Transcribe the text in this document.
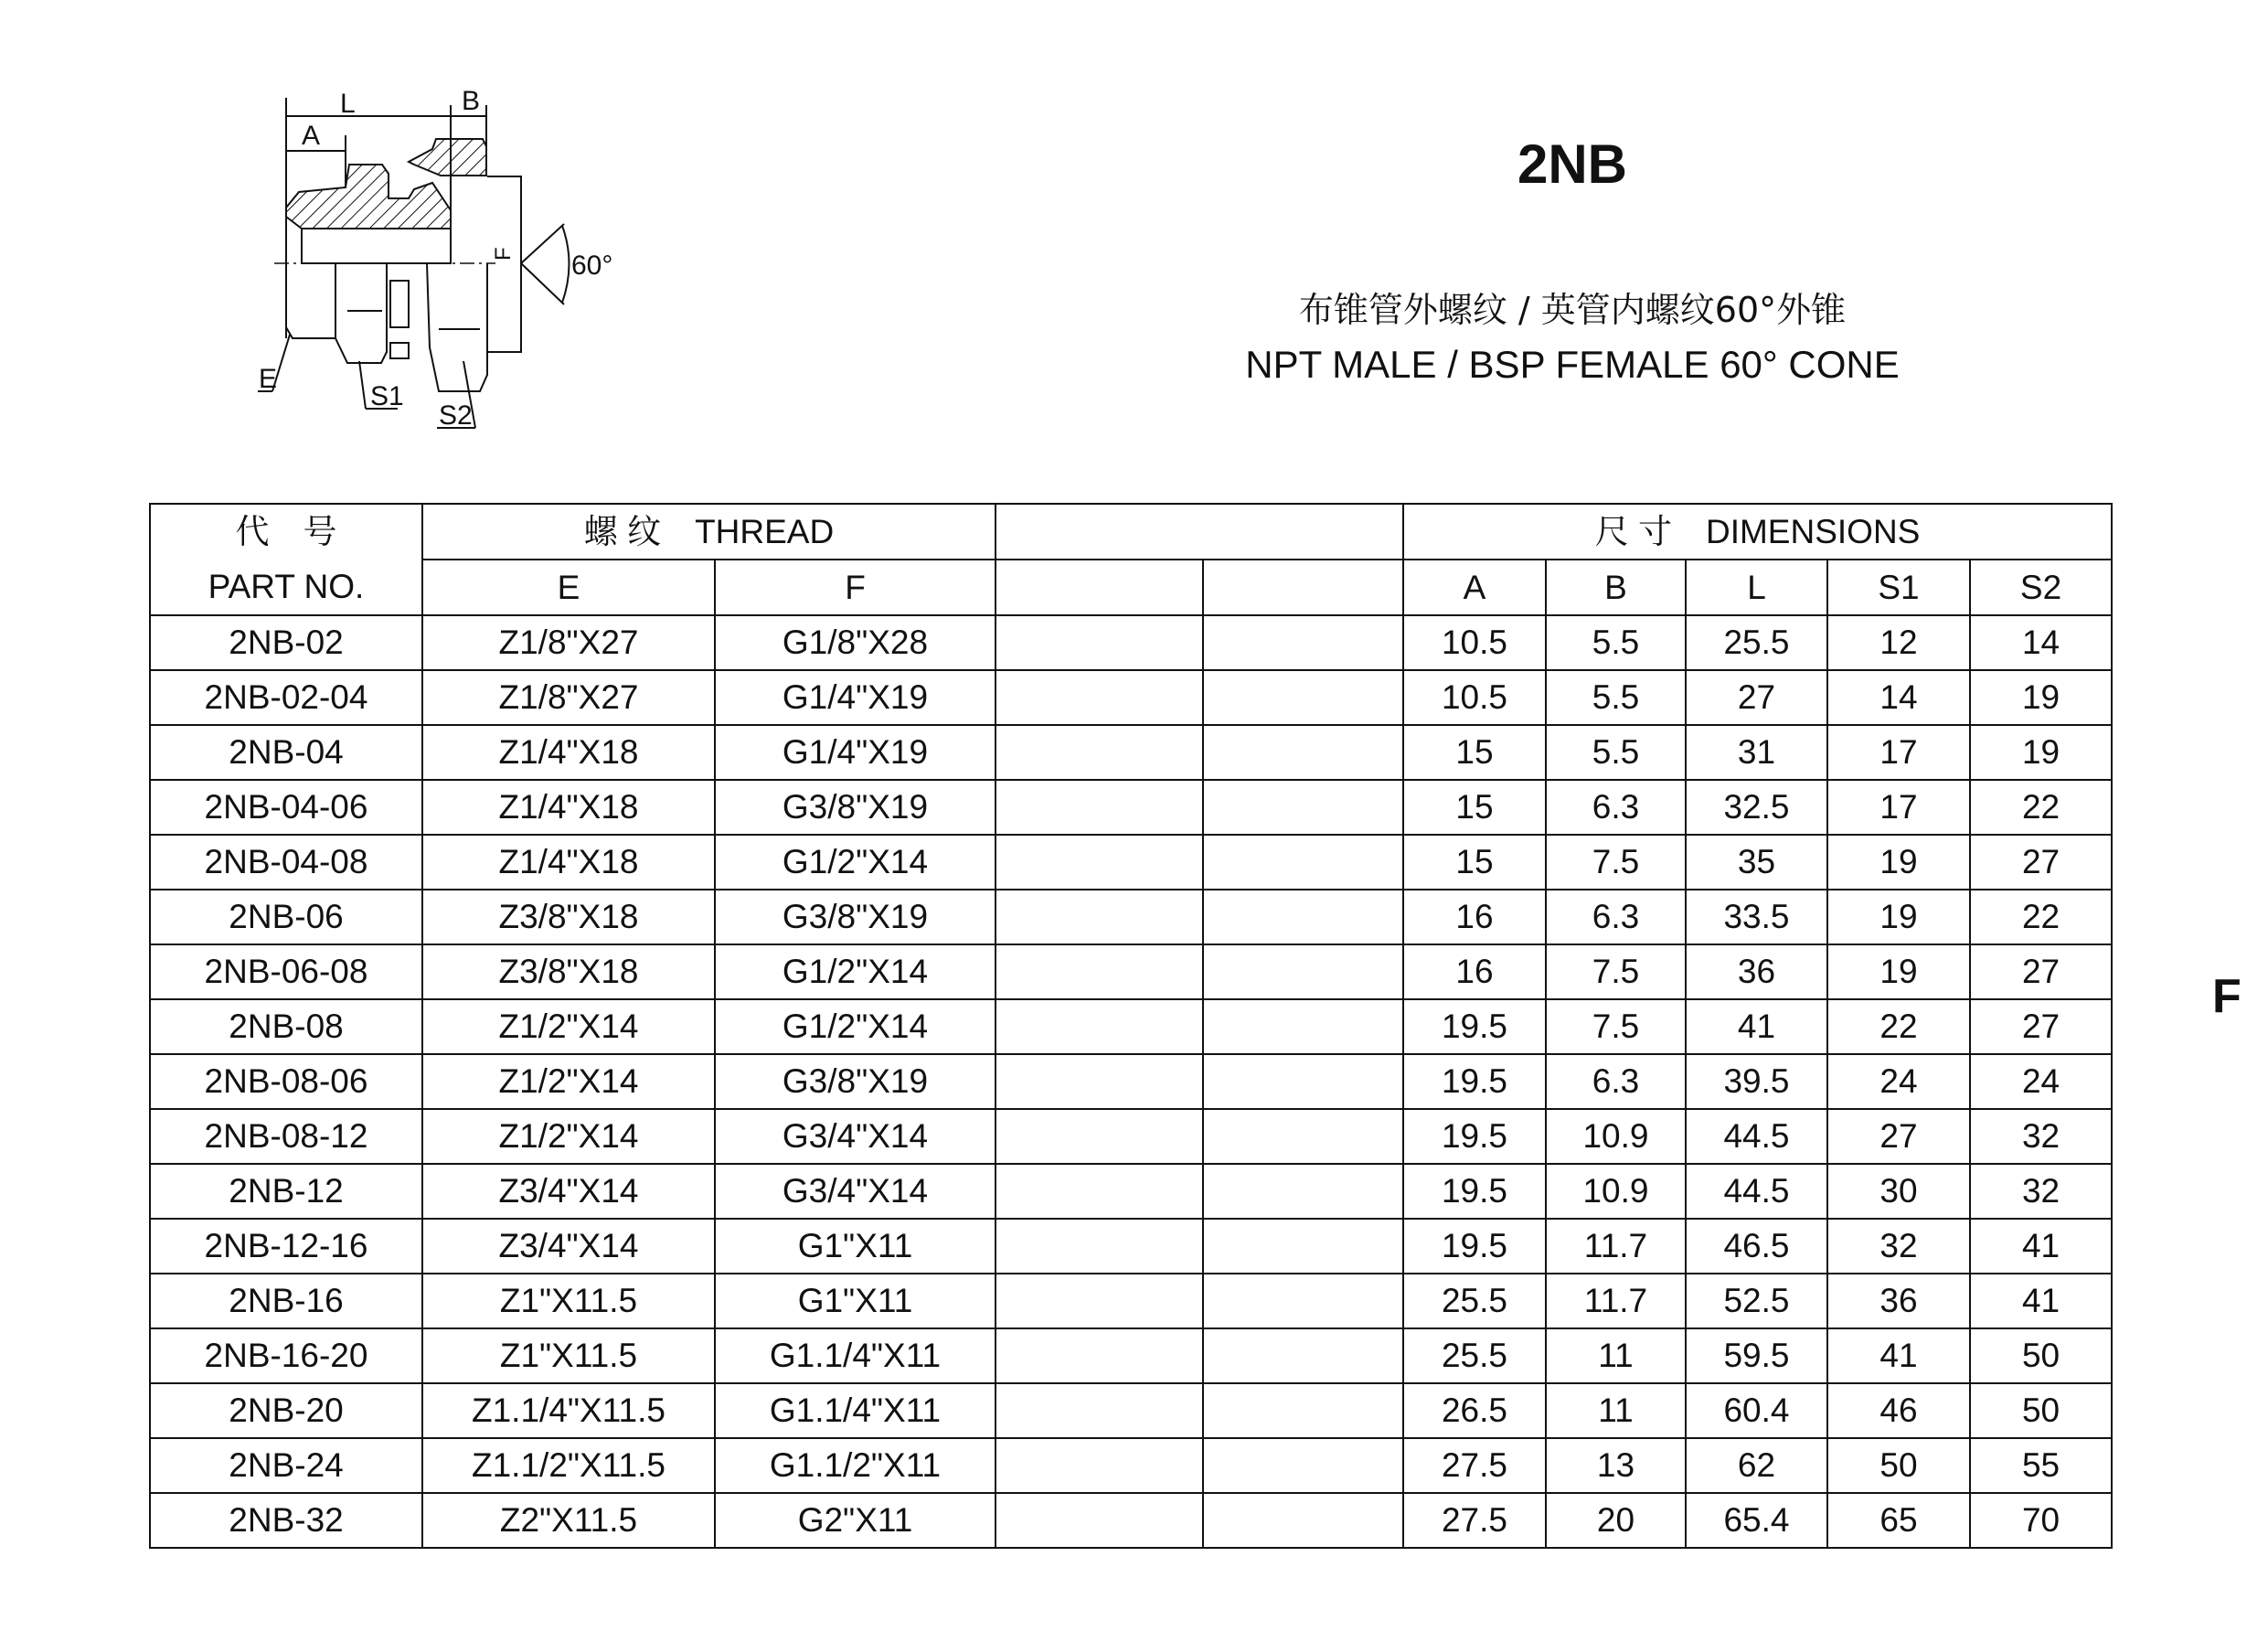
L	B
A
F 60°
E
S1
S2
2NB
布锥管外螺纹 / 英管内螺纹60°外锥
NPT MALE / BSP FEMALE 60° CONE
F
代　号
PART NO.	螺 纹　THREAD				尺 寸　DIMENSIONS				
	E	F			A	B	L	S1	S2
2NB-02	Z1/8"X27	G1/8"X28			10.5	5.5	25.5	12	14
2NB-02-04	Z1/8"X27	G1/4"X19			10.5	5.5	27	14	19
2NB-04	Z1/4"X18	G1/4"X19			15	5.5	31	17	19
2NB-04-06	Z1/4"X18	G3/8"X19			15	6.3	32.5	17	22
2NB-04-08	Z1/4"X18	G1/2"X14			15	7.5	35	19	27
2NB-06	Z3/8"X18	G3/8"X19			16	6.3	33.5	19	22
2NB-06-08	Z3/8"X18	G1/2"X14			16	7.5	36	19	27
2NB-08	Z1/2"X14	G1/2"X14			19.5	7.5	41	22	27
2NB-08-06	Z1/2"X14	G3/8"X19			19.5	6.3	39.5	24	24
2NB-08-12	Z1/2"X14	G3/4"X14			19.5	10.9	44.5	27	32
2NB-12	Z3/4"X14	G3/4"X14			19.5	10.9	44.5	30	32
2NB-12-16	Z3/4"X14	G1"X11			19.5	11.7	46.5	32	41
2NB-16	Z1"X11.5	G1"X11			25.5	11.7	52.5	36	41
2NB-16-20	Z1"X11.5	G1.1/4"X11			25.5	11	59.5	41	50
2NB-20	Z1.1/4"X11.5	G1.1/4"X11			26.5	11	60.4	46	50
2NB-24	Z1.1/2"X11.5	G1.1/2"X11			27.5	13	62	50	55
2NB-32	Z2"X11.5	G2"X11			27.5	20	65.4	65	70
